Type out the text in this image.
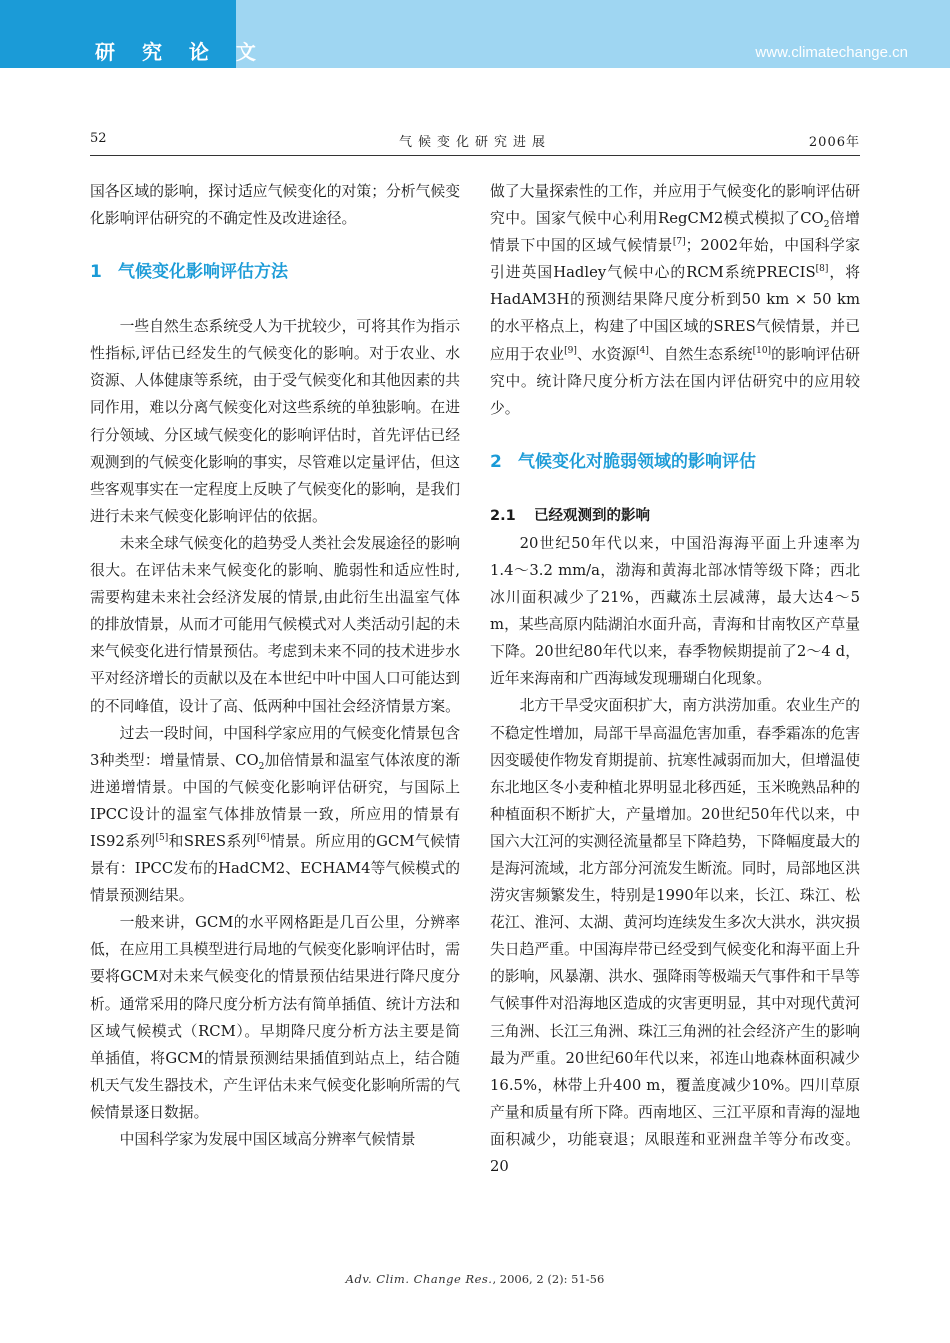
研 究 论 文	www.climatechange.cn
52	气候变化研究进展	2006年

国各区域的影响，探讨适应气候变化的对策；分析气候变化影响评估研究的不确定性及改进途径。

1 气候变化影响评估方法

一些自然生态系统受人为干扰较少，可将其作为指示性指标,评估已经发生的气候变化的影响。对于农业、水资源、人体健康等系统，由于受气候变化和其他因素的共同作用，难以分离气候变化对这些系统的单独影响。在进行分领域、分区域气候变化的影响评估时，首先评估已经观测到的气候变化影响的事实，尽管难以定量评估，但这些客观事实在一定程度上反映了气候变化的影响，是我们进行未来气候变化影响评估的依据。

未来全球气候变化的趋势受人类社会发展途径的影响很大。在评估未来气候变化的影响、脆弱性和适应性时,需要构建未来社会经济发展的情景,由此衍生出温室气体的排放情景，从而才可能用气候模式对人类活动引起的未来气候变化进行情景预估。考虑到未来不同的技术进步水平对经济增长的贡献以及在本世纪中叶中国人口可能达到的不同峰值，设计了高、低两种中国社会经济情景方案。

过去一段时间，中国科学家应用的气候变化情景包含3种类型：增量情景、$CO_2$加倍情景和温室气体浓度的渐进递增情景。中国的气候变化影响评估研究，与国际上IPCC设计的温室气体排放情景一致，所应用的情景有IS92系列[5]和SRES系列[6]情景。所应用的GCM气候情景有：IPCC发布的HadCM2、ECHAM4等气候模式的情景预测结果。

一般来讲，GCM的水平网格距是几百公里，分辨率低，在应用工具模型进行局地的气候变化影响评估时，需要将GCM对未来气候变化的情景预估结果进行降尺度分析。通常采用的降尺度分析方法有简单插值、统计方法和区域气候模式（RCM）。早期降尺度分析方法主要是简单插值，将GCM的情景预测结果插值到站点上，结合随机天气发生器技术，产生评估未来气候变化影响所需的气候情景逐日数据。

中国科学家为发展中国区域高分辨率气候情景

做了大量探索性的工作，并应用于气候变化的影响评估研究中。国家气候中心利用RegCM2模式模拟了$CO_2$倍增情景下中国的区域气候情景[7]；2002年始，中国科学家引进英国Hadley气候中心的RCM系统PRECIS[8]，将HadAM3H的预测结果降尺度分析到50 km × 50 km的水平格点上，构建了中国区域的SRES气候情景，并已应用于农业[9]、水资源[4]、自然生态系统[10]的影响评估研究中。统计降尺度分析方法在国内评估研究中的应用较少。

2 气候变化对脆弱领域的影响评估
2.1 已经观测到的影响

20世纪50年代以来，中国沿海海平面上升速率为1.4～3.2 mm/a，渤海和黄海北部冰情等级下降；西北冰川面积减少了21%，西藏冻土层减薄，最大达4～5 m，某些高原内陆湖泊水面升高，青海和甘南牧区产草量下降。20世纪80年代以来，春季物候期提前了2～4 d，近年来海南和广西海域发现珊瑚白化现象。

北方干旱受灾面积扩大，南方洪涝加重。农业生产的不稳定性增加，局部干旱高温危害加重，春季霜冻的危害因变暖使作物发育期提前、抗寒性减弱而加大，但增温使东北地区冬小麦种植北界明显北移西延，玉米晚熟品种的种植面积不断扩大，产量增加。20世纪50年代以来，中国六大江河的实测径流量都呈下降趋势，下降幅度最大的是海河流域，北方部分河流发生断流。同时，局部地区洪涝灾害频繁发生，特别是1990年以来，长江、珠江、松花江、淮河、太湖、黄河均连续发生多次大洪水，洪灾损失日趋严重。中国海岸带已经受到气候变化和海平面上升的影响，风暴潮、洪水、强降雨等极端天气事件和干旱等气候事件对沿海地区造成的灾害更明显，其中对现代黄河三角洲、长江三角洲、珠江三角洲的社会经济产生的影响最为严重。20世纪60年代以来，祁连山地森林面积减少16.5%，林带上升400 m，覆盖度减少10%。四川草原产量和质量有所下降。西南地区、三江平原和青海的湿地面积减少，功能衰退；凤眼莲和亚洲盘羊等分布改变。20

Adv. Clim. Change Res., 2006, 2 (2): 51-56
